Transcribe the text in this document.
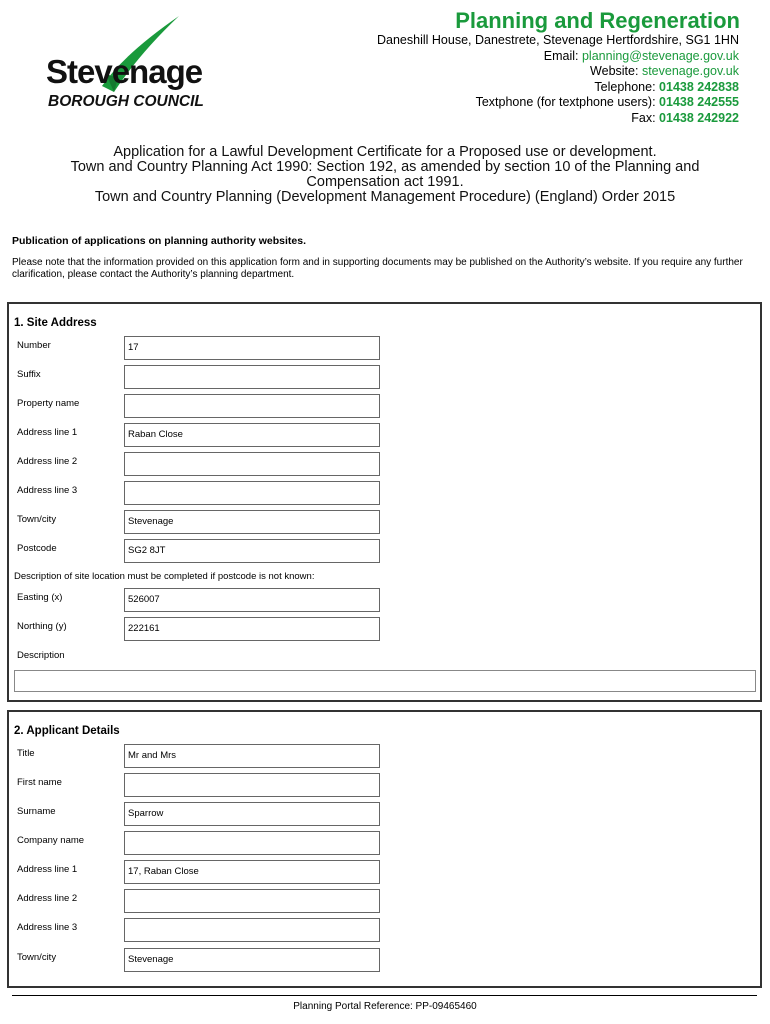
Stevenage
BOROUGH COUNCIL
Planning and Regeneration
Daneshill House, Danestrete, Stevenage Hertfordshire, SG1 1HN
Email: planning@stevenage.gov.uk
Website: stevenage.gov.uk
Telephone: 01438 242838
Textphone (for textphone users): 01438 242555
Fax: 01438 242922
Application for a Lawful Development Certificate for a Proposed use or development.
Town and Country Planning Act 1990: Section 192, as amended by section 10 of the Planning and
Compensation act 1991.
Town and Country Planning (Development Management Procedure) (England) Order 2015
Publication of applications on planning authority websites.
Please note that the information provided on this application form and in supporting documents may be published on the Authority’s website. If you require any further clarification, please contact the Authority’s planning department.
1. Site Address
Number	17
Suffix
Property name
Address line 1	Raban Close
Address line 2
Address line 3
Town/city	Stevenage
Postcode	SG2 8JT
Description of site location must be completed if postcode is not known:
Easting (x)	526007
Northing (y)	222161
Description
2. Applicant Details
Title	Mr and Mrs
First name
Surname	Sparrow
Company name
Address line 1	17, Raban Close
Address line 2
Address line 3
Town/city	Stevenage
Planning Portal Reference: PP-09465460
